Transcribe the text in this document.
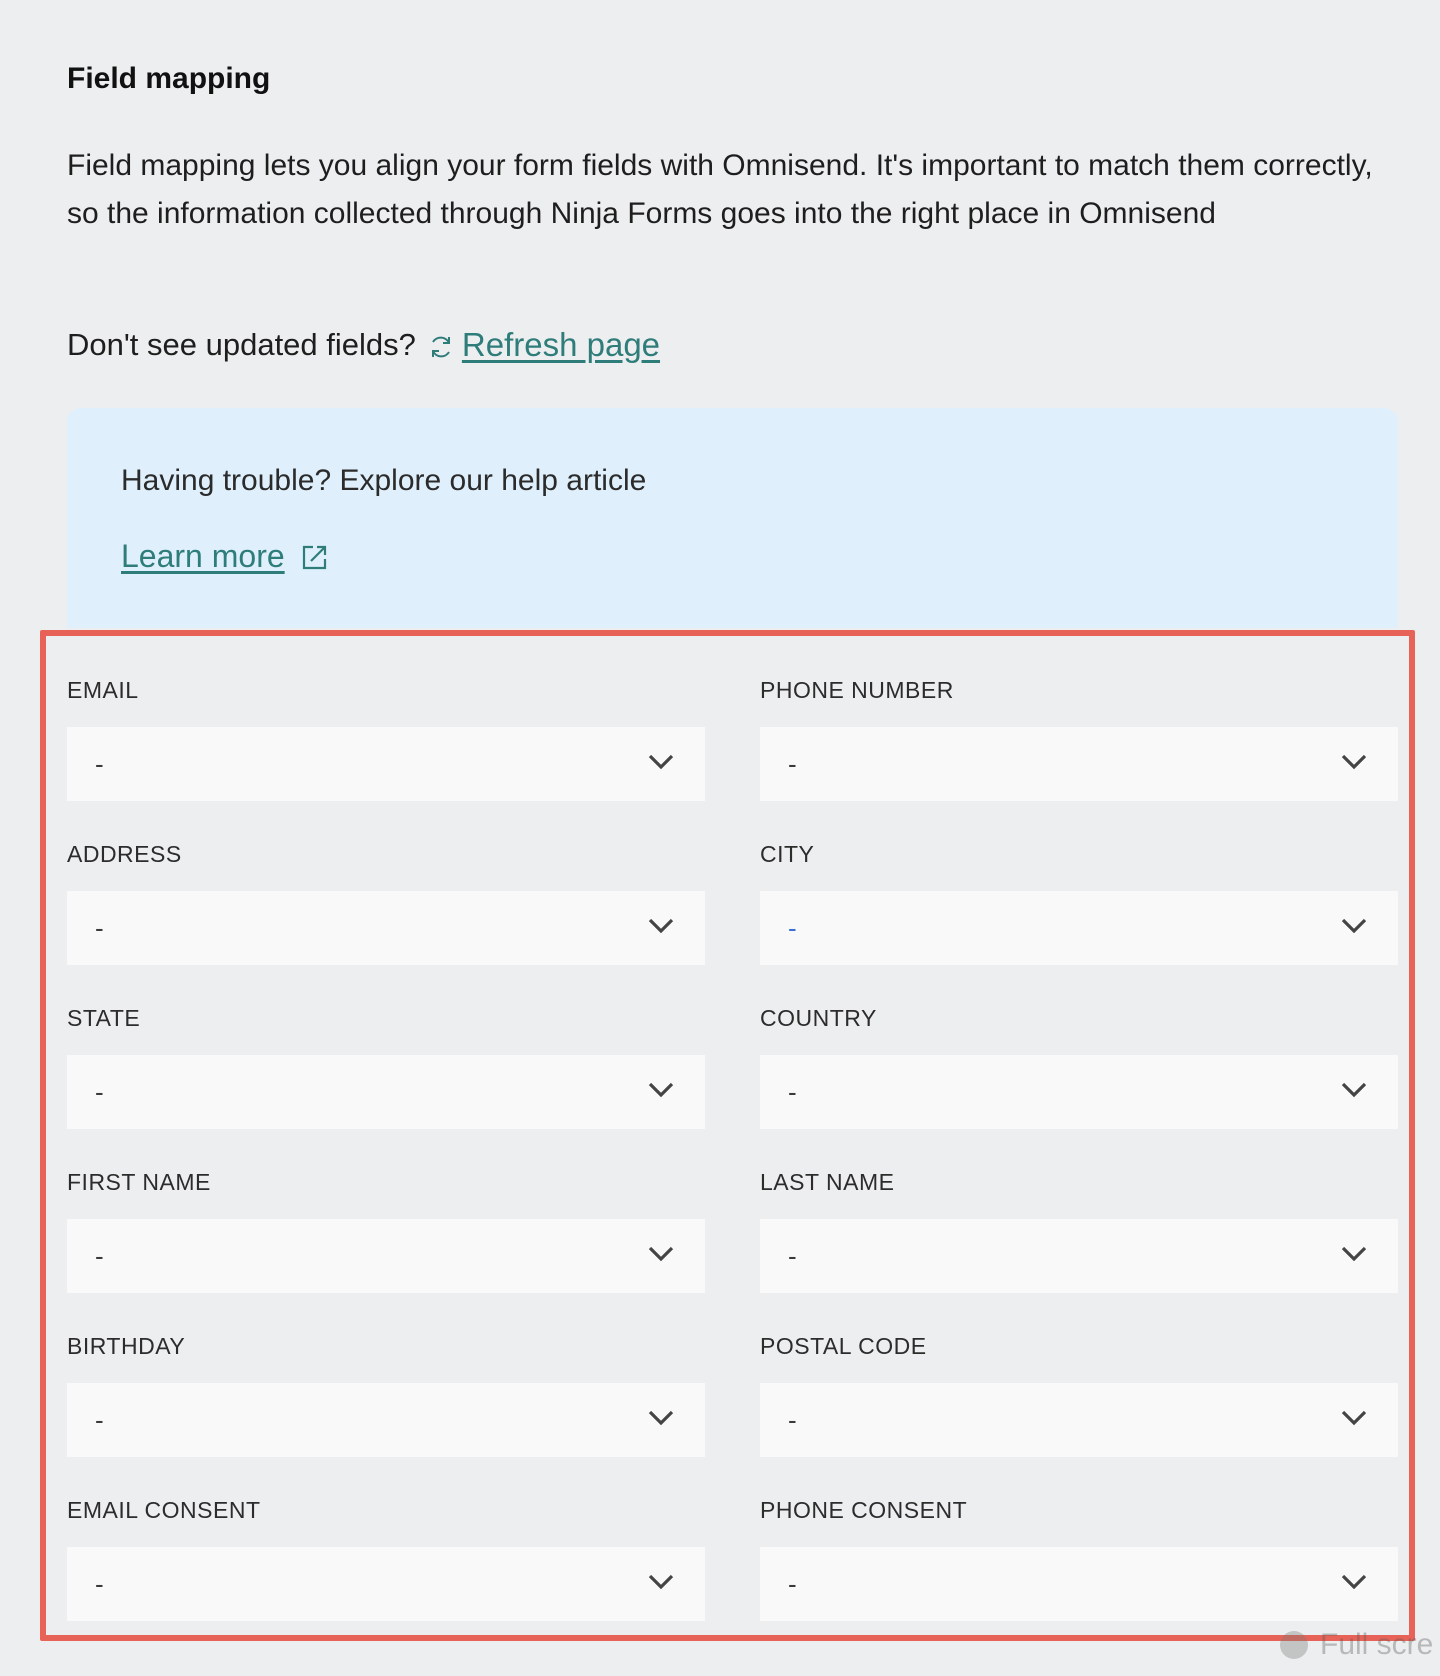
Field mapping
Field mapping lets you align your form fields with Omnisend. It's important to match them correctly, so the information collected through Ninja Forms goes into the right place in Omnisend
Don't see updated fields? Refresh page
Having trouble? Explore our help article
Learn more
EMAIL
-
PHONE NUMBER
-
ADDRESS
-
CITY
-
STATE
-
COUNTRY
-
FIRST NAME
-
LAST NAME
-
BIRTHDAY
-
POSTAL CODE
-
EMAIL CONSENT
-
PHONE CONSENT
-
Full scre
